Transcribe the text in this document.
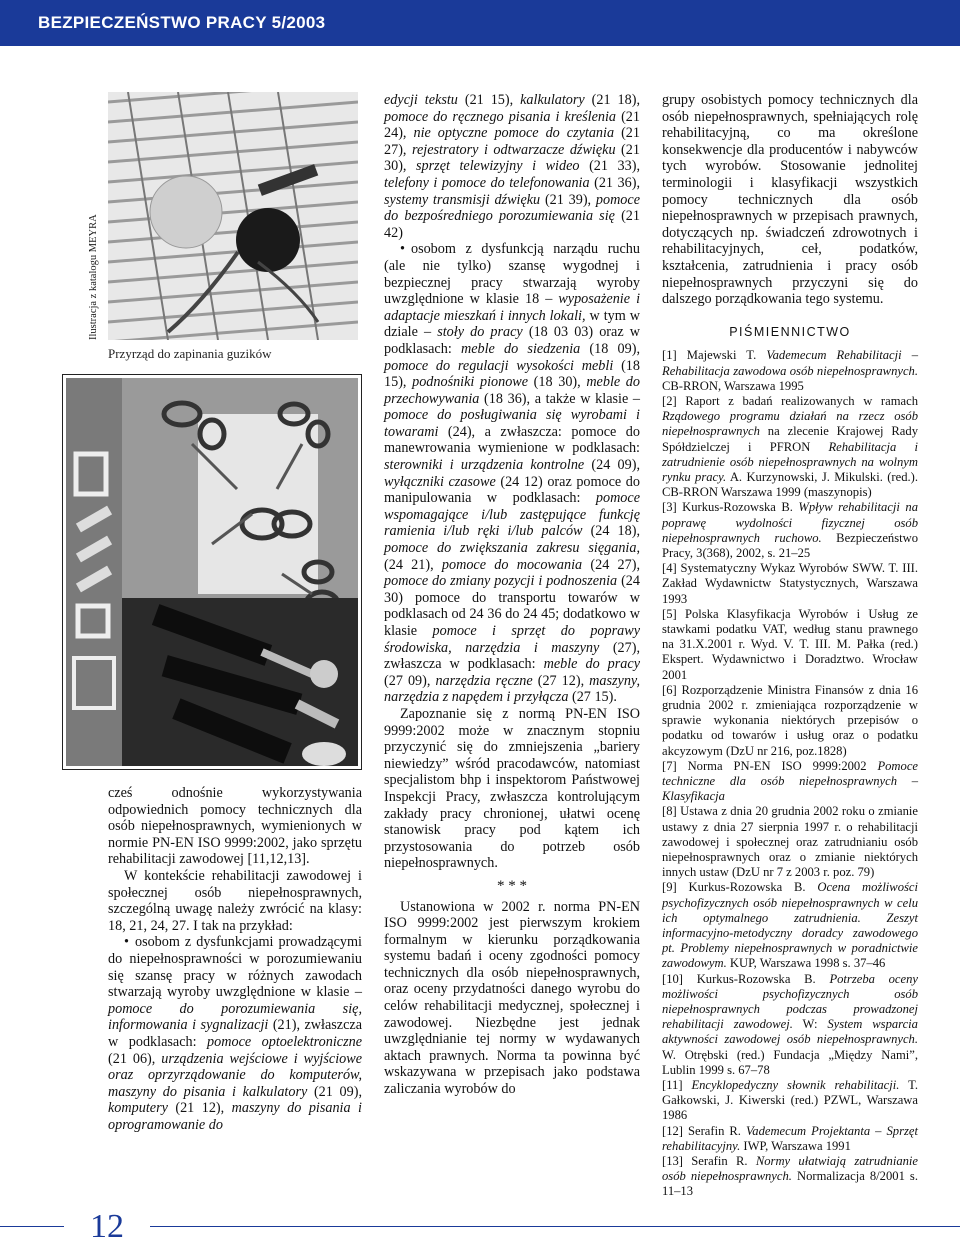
BEZPIECZEŃSTWO PRACY 5/2003
Ilustracja z katalogu MEYRA
Przyrząd do zapinania guzików

cześ odnośnie wykorzystywania odpowiednich pomocy technicznych dla osób niepełnosprawnych, wymienionych w normie PN-EN ISO 9999:2002, jako sprzętu rehabilitacji zawodowej [11,12,13].

W kontekście rehabilitacji zawodowej i społecznej osób niepełnosprawnych, szczególną uwagę należy zwrócić na klasy: 18, 21, 24, 27. I tak na przykład:

• osobom z dysfunkcjami prowadzącymi do niepełnosprawności w porozumiewaniu się szansę pracy w różnych zawodach stwarzają wyroby uwzględnione w klasie – pomoce do porozumiewania się, informowania i sygnalizacji (21), zwłaszcza w podklasach: pomoce optoelektroniczne (21 06), urządzenia wejściowe i wyjściowe oraz oprzyrządowanie do komputerów, maszyny do pisania i kalkulatory (21 09), komputery (21 12), maszyny do pisania i oprogramowanie do

edycji tekstu (21 15), kalkulatory (21 18), pomoce do ręcznego pisania i kreślenia (21 24), nie optyczne pomoce do czytania (21 27), rejestratory i odtwarzacze dźwięku (21 30), sprzęt telewizyjny i wideo (21 33), telefony i pomoce do telefonowania (21 36), systemy transmisji dźwięku (21 39), pomoce do bezpośredniego porozumiewania się (21 42)

• osobom z dysfunkcją narządu ruchu (ale nie tylko) szansę wygodnej i bezpiecznej pracy stwarzają wyroby uwzględnione w klasie 18 – wyposażenie i adaptacje mieszkań i innych lokali, w tym w dziale – stoły do pracy (18 03 03) oraz w podklasach: meble do siedzenia (18 09), pomoce do regulacji wysokości mebli (18 15), podnośniki pionowe (18 30), meble do przechowywania (18 36), a także w klasie – pomoce do posługiwania się wyrobami i towarami (24), a zwłaszcza: pomoce do manewrowania wymienione w podklasach: sterowniki i urządzenia kontrolne (24 09), wyłączniki czasowe (24 12) oraz pomoce do manipulowania w podklasach: pomoce wspomagające i/lub zastępujące funkcję ramienia i/lub ręki i/lub palców (24 18), pomoce do zwiększania zakresu sięgania, (24 21), pomoce do mocowania (24 27), pomoce do zmiany pozycji i podnoszenia (24 30) pomoce do transportu towarów w podklasach od 24 36 do 24 45; dodatkowo w klasie pomoce i sprzęt do poprawy środowiska, narzędzia i maszyny (27), zwłaszcza w podklasach: meble do pracy (27 09), narzędzia ręczne (27 12), maszyny, narzędzia z napędem i przyłącza (27 15).

Zapoznanie się z normą PN-EN ISO 9999:2002 może w znacznym stopniu przyczynić się do zmniejszenia „bariery niewiedzy” wśród pracodawców, natomiast specjalistom bhp i inspektorom Państwowej Inspekcji Pracy, zwłaszcza kontrolującym zakłady pracy chronionej, ułatwi ocenę stanowisk pracy pod kątem ich przystosowania do potrzeb osób niepełnosprawnych.

* * *

Ustanowiona w 2002 r. norma PN-EN ISO 9999:2002 jest pierwszym krokiem formalnym w kierunku porządkowania systemu badań i oceny zgodności pomocy technicznych dla osób niepełnosprawnych, oraz oceny przydatności danego wyrobu do celów rehabilitacji medycznej, społecznej i zawodowej. Niezbędne jest jednak uwzględnianie tej normy w wydawanych aktach prawnych. Norma ta powinna być wskazywana w przepisach jako podstawa zaliczania wyrobów do

grupy osobistych pomocy technicznych dla osób niepełnosprawnych, spełniających rolę rehabilitacyjną, co ma określone konsekwencje dla producentów i nabywców tych wyrobów. Stosowanie jednolitej terminologii i klasyfikacji wszystkich pomocy technicznych dla osób niepełnosprawnych w przepisach prawnych, dotyczących np. świadczeń zdrowotnych i rehabilitacyjnych, ceł, podatków, kształcenia, zatrudnienia i pracy osób niepełnosprawnych przyczyni się do dalszego porządkowania tego systemu.

PIŚMIENNICTWO

[1] Majewski T. Vademecum Rehabilitacji – Rehabilitacja zawodowa osób niepełnosprawnych. CB-RRON, Warszawa 1995

[2] Raport z badań realizowanych w ramach Rządowego programu działań na rzecz osób niepełnosprawnych na zlecenie Krajowej Rady Spółdzielczej i PFRON Rehabilitacja i zatrudnienie osób niepełnosprawnych na wolnym rynku pracy. A. Kurzynowski, J. Mikulski. (red.). CB-RRON Warszawa 1999 (maszynopis)

[3] Kurkus-Rozowska B. Wpływ rehabilitacji na poprawę wydolności fizycznej osób niepełnosprawnych ruchowo. Bezpieczeństwo Pracy, 3(368), 2002, s. 21–25

[4] Systematyczny Wykaz Wyrobów SWW. T. III. Zakład Wydawnictw Statystycznych, Warszawa 1993

[5] Polska Klasyfikacja Wyrobów i Usług ze stawkami podatku VAT, według stanu prawnego na 31.X.2001 r. Wyd. V. T. III. M. Pałka (red.) Ekspert. Wydawnictwo i Doradztwo. Wrocław 2001

[6] Rozporządzenie Ministra Finansów z dnia 16 grudnia 2002 r. zmieniająca rozporządzenie w sprawie wykonania niektórych przepisów o podatku od towarów i usług oraz o podatku akcyzowym (DzU nr 216, poz.1828)

[7] Norma PN-EN ISO 9999:2002 Pomoce techniczne dla osób niepełnosprawnych – Klasyfikacja

[8] Ustawa z dnia 20 grudnia 2002 roku o zmianie ustawy z dnia 27 sierpnia 1997 r. o rehabilitacji zawodowej i społecznej oraz zatrudnianiu osób niepełnosprawnych oraz o zmianie niektórych innych ustaw (DzU nr 7 z 2003 r. poz. 79)

[9] Kurkus-Rozowska B. Ocena możliwości psychofizycznych osób niepełnosprawnych w celu ich optymalnego zatrudnienia. Zeszyt informacyjno-metodyczny doradcy zawodowego pt. Problemy niepełnosprawnych w poradnictwie zawodowym. KUP, Warszawa 1998 s. 37–46

[10] Kurkus-Rozowska B. Potrzeba oceny możliwości psychofizycznych osób niepełnosprawnych podczas prowadzonej rehabilitacji zawodowej. W: System wsparcia aktywności zawodowej osób niepełnosprawnych. W. Otrębski (red.) Fundacja „Między Nami”, Lublin 1999 s. 67–78

[11] Encyklopedyczny słownik rehabilitacji. T. Gałkowski, J. Kiwerski (red.) PZWL, Warszawa 1986

[12] Serafin R. Vademecum Projektanta – Sprzęt rehabilitacyjny. IWP, Warszawa 1991

[13] Serafin R. Normy ułatwiają zatrudnianie osób niepełnosprawnych. Normalizacja 8/2001 s. 11–13

12
